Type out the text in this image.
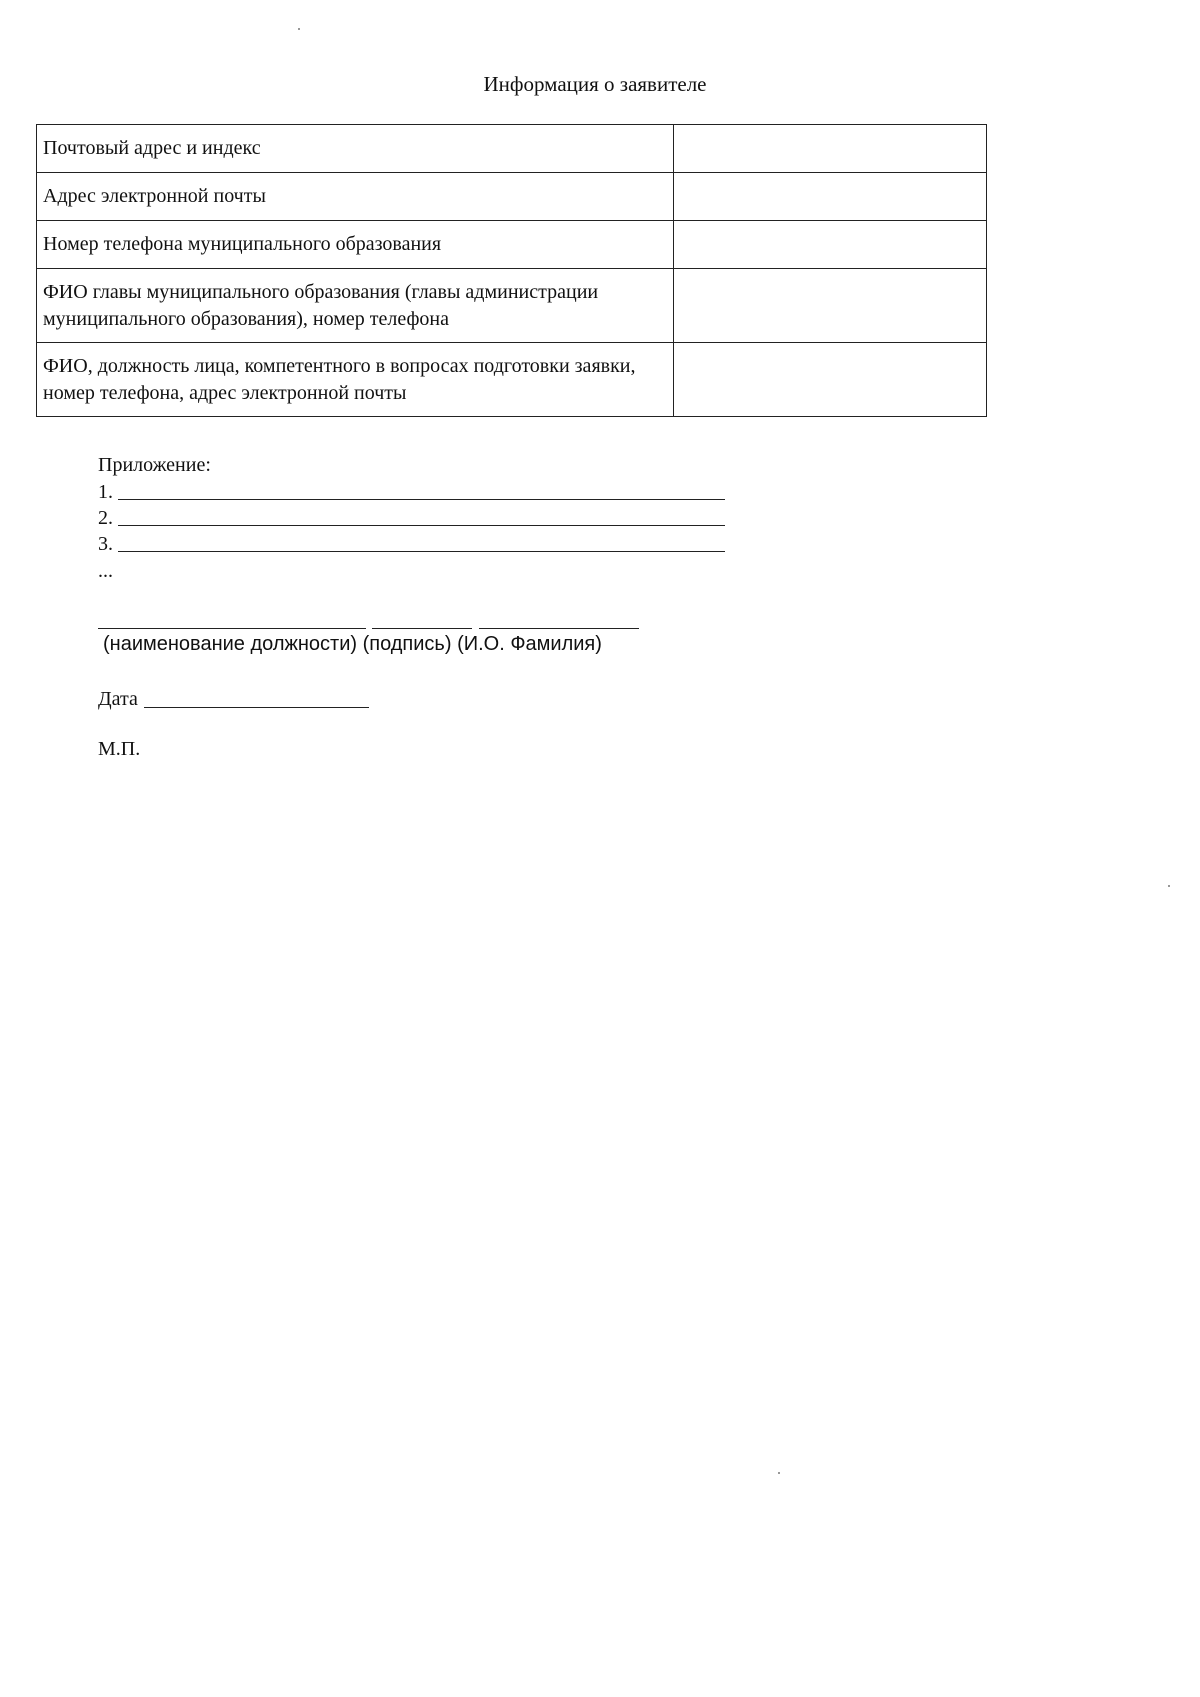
Информация о заявителе
Почтовый адрес и индекс	
Адрес электронной почты	
Номер телефона муниципального образования	
ФИО главы муниципального образования (главы администрации муниципального образования), номер телефона	
ФИО, должность лица, компетентного в вопросах подготовки заявки, номер телефона, адрес электронной почты	
Приложение:
1.
2.
3.
...
(наименование должности) (подпись) (И.О. Фамилия)
Дата
М.П.
